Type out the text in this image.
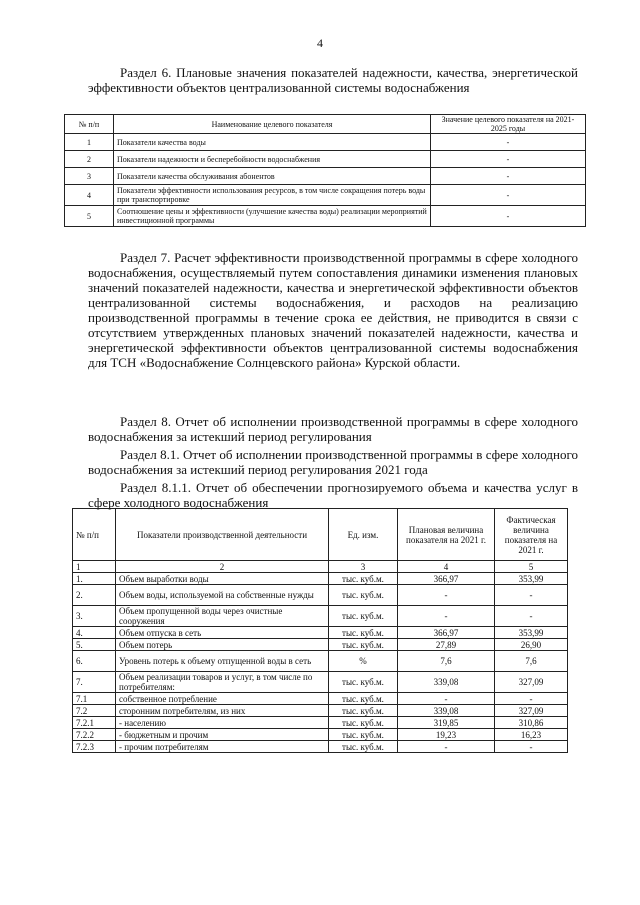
4

Раздел 6. Плановые значения показателей надежности, качества, энергетической эффективности объектов централизованной системы водоснабжения

№ п/п	Наименование целевого показателя	Значение целевого показателя на 2021-2025 годы
1	Показатели качества воды	-
2	Показатели надежности и бесперебойности водоснабжения	-
3	Показатели качества обслуживания абонентов	-
4	Показатели эффективности использования ресурсов, в том числе сокращения потерь воды при транспортировке	-
5	Соотношение цены и эффективности (улучшение качества воды) реализации мероприятий инвестиционной программы	-

Раздел 7. Расчет эффективности производственной программы в сфере холодного водоснабжения, осуществляемый путем сопоставления динамики изменения плановых значений показателей надежности, качества и энергетической эффективности объектов централизованной системы водоснабжения, и расходов на реализацию производственной программы в течение срока ее действия, не приводится в связи с отсутствием утвержденных плановых значений показателей надежности, качества и энергетической эффективности объектов централизованной системы водоснабжения для ТСН «Водоснабжение Солнцевского района» Курской области.

Раздел 8. Отчет об исполнении производственной программы в сфере холодного водоснабжения за истекший период регулирования

Раздел 8.1. Отчет об исполнении производственной программы в сфере холодного водоснабжения за истекший период регулирования 2021 года

Раздел 8.1.1. Отчет об обеспечении прогнозируемого объема и качества услуг в сфере холодного водоснабжения

№ п/п	Показатели производственной деятельности	Ед. изм.	Плановая величина показателя на 2021 г.	Фактическая величина показателя на 2021 г.
1	2	3	4	5
1.	Объем выработки воды	тыс. куб.м.	366,97	353,99
2.	Объем воды, используемой на собственные нужды	тыс. куб.м.	-	-
3.	Объем пропущенной воды через очистные сооружения	тыс. куб.м.	-	-
4.	Объем отпуска в сеть	тыс. куб.м.	366,97	353,99
5.	Объем потерь	тыс. куб.м.	27,89	26,90
6.	Уровень потерь к объему отпущенной воды в сеть	%	7,6	7,6
7.	Объем реализации товаров и услуг, в том числе по потребителям:	тыс. куб.м.	339,08	327,09
7.1	собственное потребление	тыс. куб.м.	-	-
7.2	сторонним потребителям, из них	тыс. куб.м.	339,08	327,09
7.2.1	- населению	тыс. куб.м.	319,85	310,86
7.2.2	- бюджетным и прочим	тыс. куб.м.	19,23	16,23
7.2.3	- прочим потребителям	тыс. куб.м.	-	-
